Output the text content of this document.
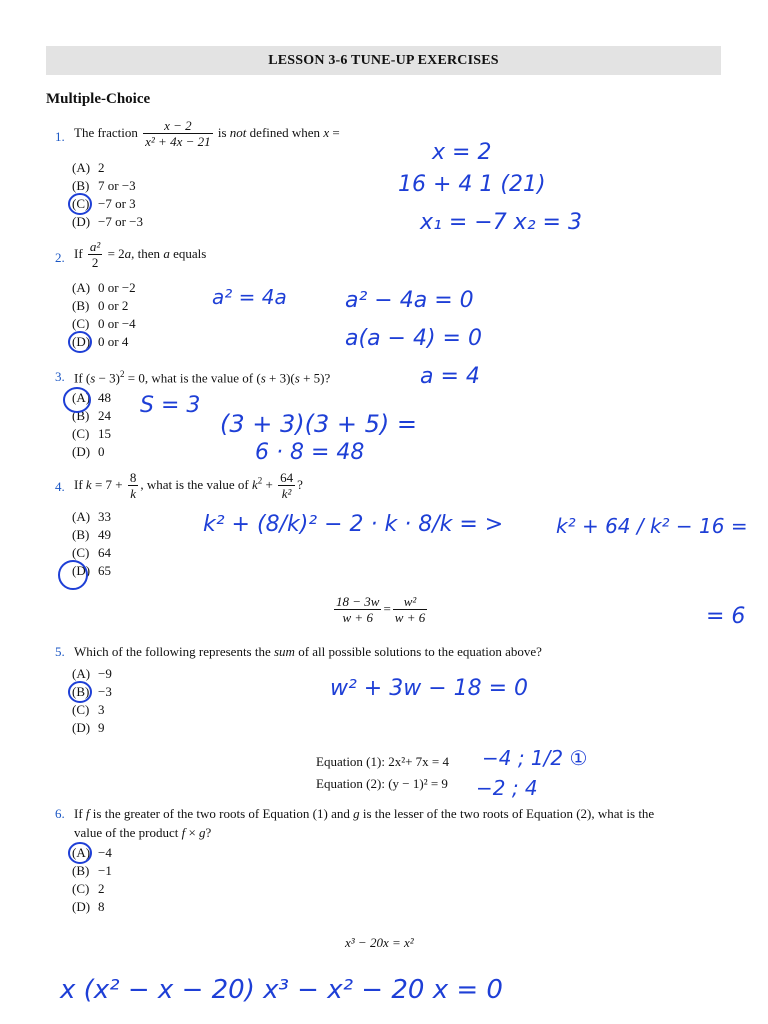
LESSON 3-6 TUNE-UP EXERCISES
Multiple-Choice
1. The fraction $\frac{x - 2}{\text{x² + 4x − 21}}$ is not defined when x =
(A) 2
(B) 7 or −3
(C) −7 or 3
(D) −7 or −3
2. If $\frac{\text{a²}}{2} = 2a$, then a equals
(A) 0 or −2
(B) 0 or 2
(C) 0 or −4
(D) 0 or 4
3. If $(s - 3)^2 = 0$, what is the value of (s + 3)(s + 5)?
(A) 48
(B) 24
(C) 15
(D) 0
4. If $k = 7 + \frac{8}{k}$ , what is the value of $k^2 + \frac{64}{\text{k²}}$ ?
(A) 33
(B) 49
(C) 64
(D) 65
$\frac{18 - 3w}{w + 6} = \frac{\text{w²}}{w + 6}$
5. Which of the following represents the sum of all possible solutions to the equation above?
(A) −9
(B) −3
(C) 3
(D) 9
Equation (1): 2x²+ 7x = 4
Equation (2): (y − 1)² = 9
6. If f is the greater of the two roots of Equation (1) and g is the lesser of the two roots of Equation (2), what is the
value of the product f × g?
(A) −4
(B) −1
(C) 2
(D) 8
x³ − 20x = x²
x = 2
16 + 4 1 (21)
x₁ = −7 x₂ = 3
a² = 4a	a² − 4a = 0
a(a − 4) = 0
a = 4
S = 3
(3 + 3)(3 + 5) =
6 · 8 = 48
k² + (8/k)² − 2 · k · 8/k = >	k² + 64 / k² − 16 =
= 6
w² + 3w − 18 = 0
−4 ; 1/2 ①
−2 ; 4
x (x² − x − 20) x³ − x² − 20 x = 0
